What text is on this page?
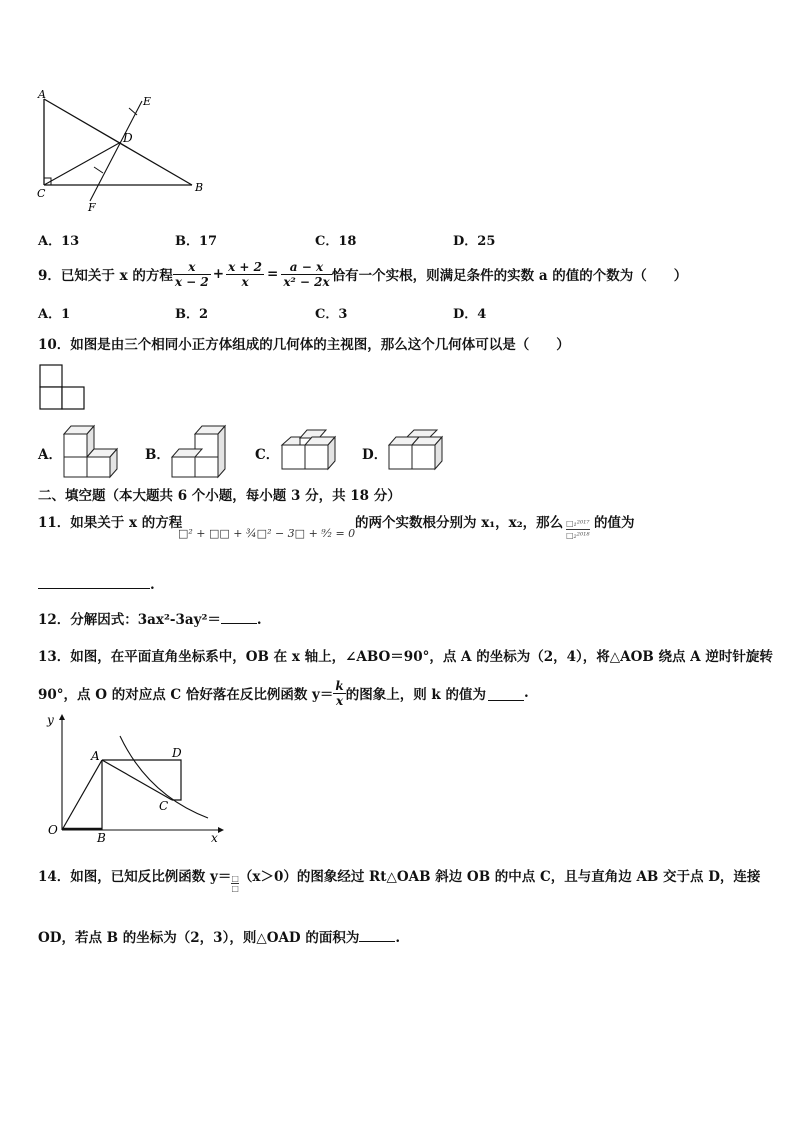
A
E
D
C	B
F
A．13	B．17	C．18	D．25
9．已知关于 x 的方程 $\frac{x}{x - 2} + \frac{x + 2}{x} = \frac{a - x}{\text{x² − 2x}}$ 恰有一个实根，则满足条件的实数 a 的值的个数为（　　）
A．1	B．2	C．3	D．4
10．如图是由三个相同小正方体组成的几何体的主视图，那么这个几何体可以是（　　）
A．	B．	C．	D．
二、填空题（本大题共 6 个小题，每小题 3 分，共 18 分）
11．如果关于 x 的方程
□² + □□ + ¾□² − 3□ + ⁹⁄₂ = 0
的两个实数根分别为 x₁，x₂，那么 □₁²⁰¹⁷
□₂²⁰¹⁸
的值为
.
12．分解因式：3ax²-3ay²＝	.
13．如图，在平面直角坐标系中，OB 在 x 轴上，∠ABO＝90°，点 A 的坐标为（2，4），将△AOB 绕点 A 逆时针旋转
90°，点 O 的对应点 C 恰好落在反比例函数 $y= \frac{k}{x}$ 的图象上，则 k 的值为	.
y
A	D
C
O
B	x
14．如图，已知反比例函数 y＝ □
□
（x＞0）的图象经过 Rt△OAB 斜边 OB 的中点 C，且与直角边 AB 交于点 D，连接
OD，若点 B 的坐标为（2，3），则△OAD 的面积为	.
